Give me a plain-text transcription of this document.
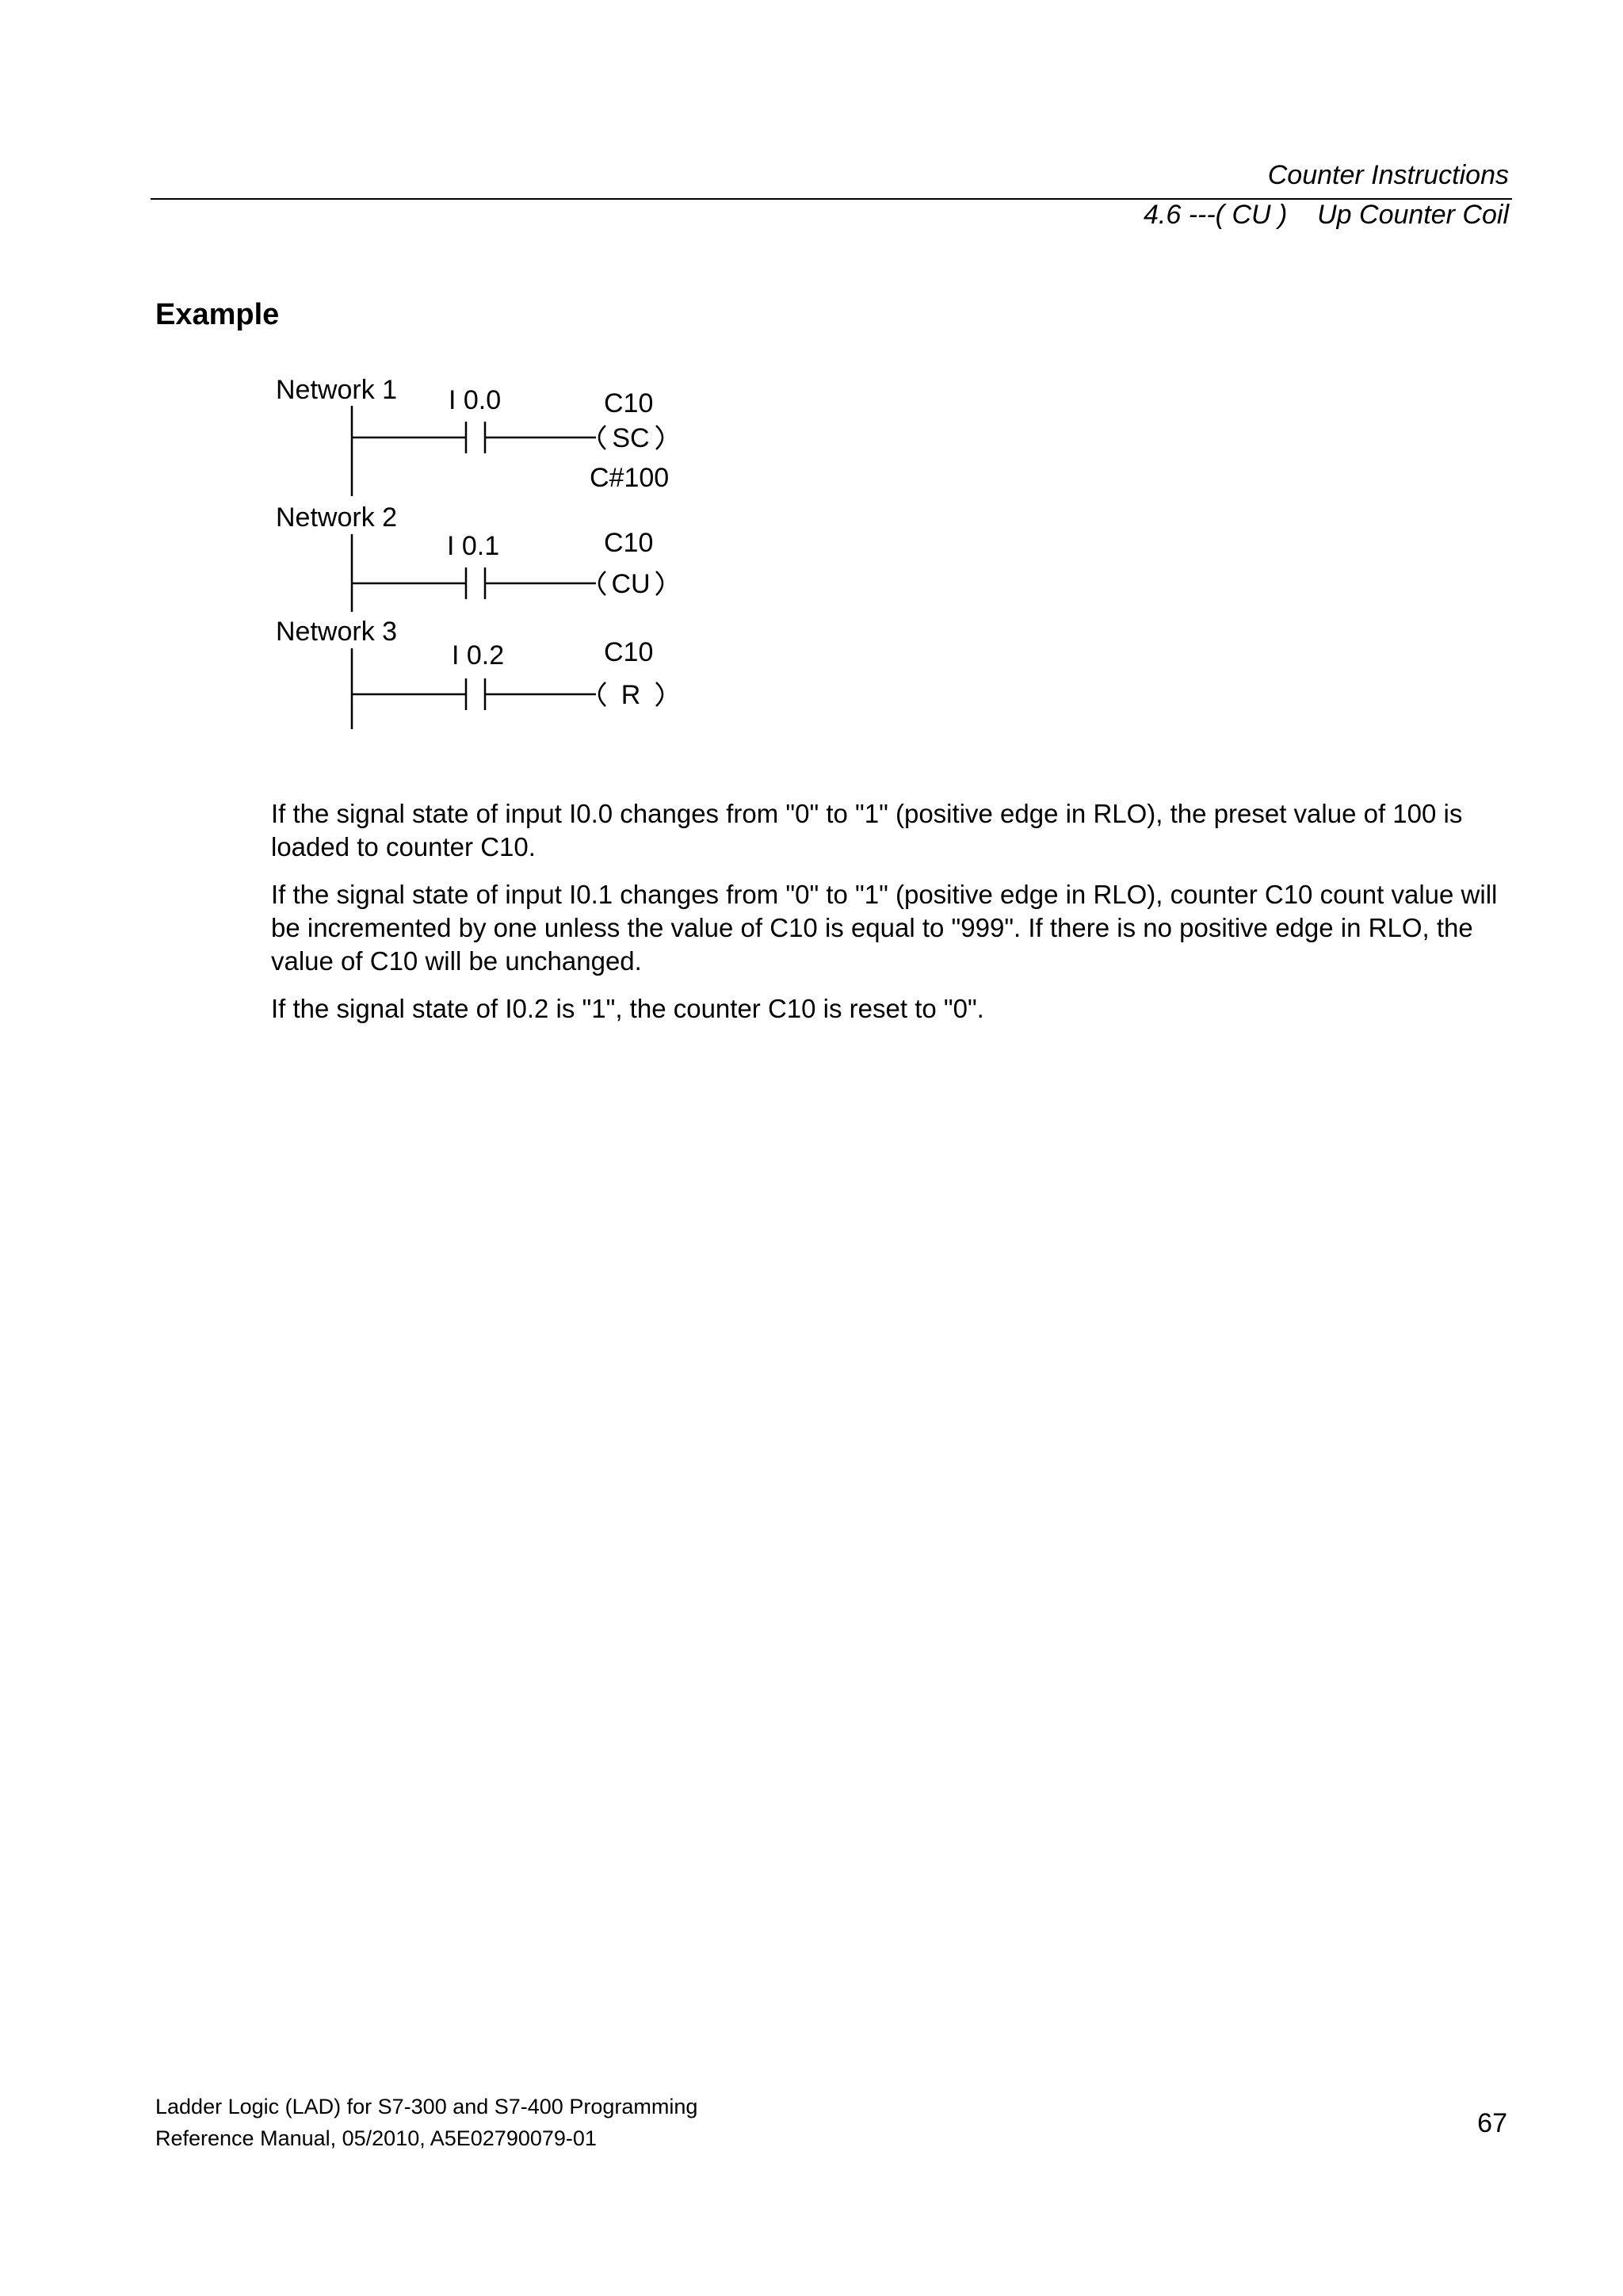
Counter Instructions
4.6 ---( CU )    Up Counter Coil
Example
Network 1 I 0.0	C10
SC
C#100
Network 2
I 0.1	C10
CU
Network 3
I 0.2	C10
R

If the signal state of input I0.0 changes from "0" to "1" (positive edge in RLO), the preset value of 100 is loaded to counter C10.

If the signal state of input I0.1 changes from "0" to "1" (positive edge in RLO), counter C10 count value will be incremented by one unless the value of C10 is equal to "999". If there is no positive edge in RLO, the value of C10 will be unchanged.

If the signal state of I0.2 is "1", the counter C10 is reset to "0".

Ladder Logic (LAD) for S7-300 and S7-400 Programming
Reference Manual, 05/2010, A5E02790079-01	67
